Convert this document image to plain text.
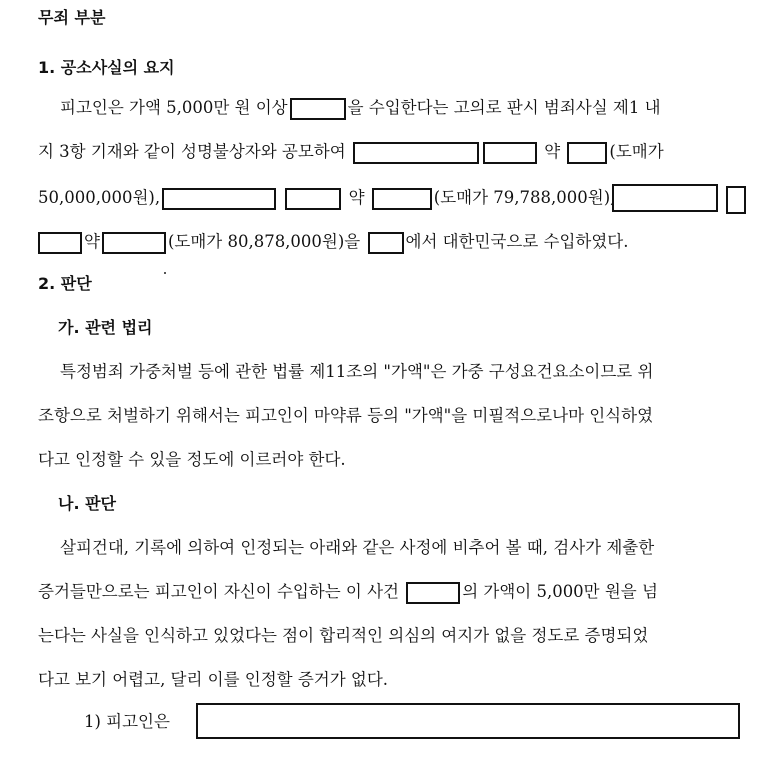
무죄 부분
1. 공소사실의 요지
피고인은 가액 5,000만 원 이상	을 수입한다는 고의로 판시 범죄사실 제1 내
지 3항 기재와 같이 성명불상자와 공모하여	약	(도매가
50,000,000원),	약	(도매가 79,788,000원),
약	(도매가 80,878,000원)을	에서 대한민국으로 수입하였다.
2. 판단
가. 관련 법리
특정범죄 가중처벌 등에 관한 법률 제11조의 "가액"은 가중 구성요건요소이므로 위
조항으로 처벌하기 위해서는 피고인이 마약류 등의 "가액"을 미필적으로나마 인식하였
다고 인정할 수 있을 정도에 이르러야 한다.
나. 판단
살피건대, 기록에 의하여 인정되는 아래와 같은 사정에 비추어 볼 때, 검사가 제출한
증거들만으로는 피고인이 자신이 수입하는 이 사건	의 가액이 5,000만 원을 넘
는다는 사실을 인식하고 있었다는 점이 합리적인 의심의 여지가 없을 정도로 증명되었
다고 보기 어렵고, 달리 이를 인정할 증거가 없다.
1) 피고인은
